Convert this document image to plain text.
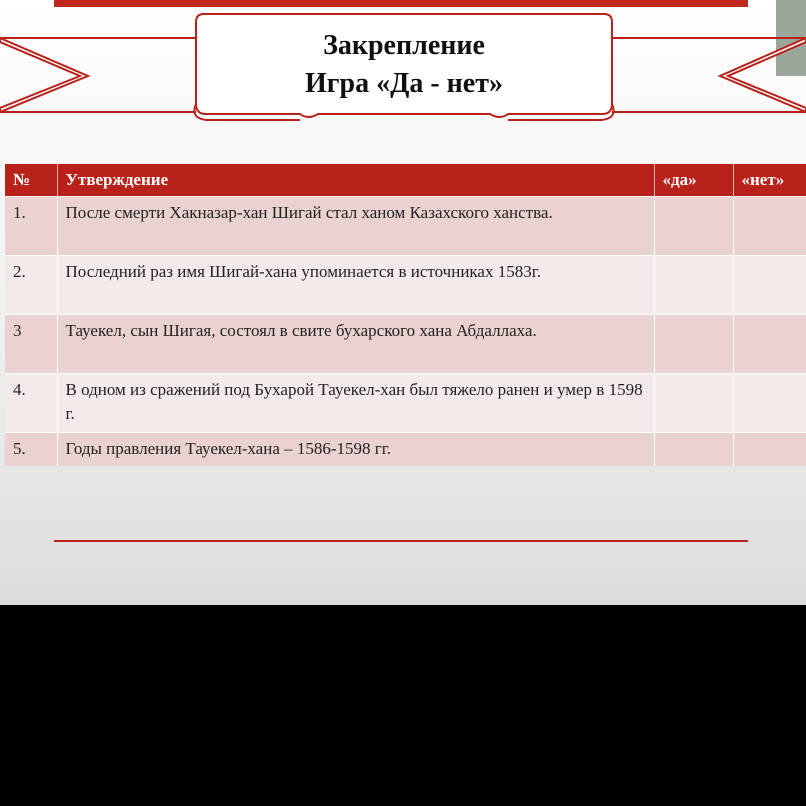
Закрепление
Игра «Да - нет»
№	Утверждение	«да»	«нет»
1.	После смерти Хакназар-хан Шигай стал ханом Казахского ханства.		
2.	Последний раз имя Шигай-хана упоминается в источниках 1583г.		
3	Тауекел, сын Шигая, состоял в свите бухарского хана Абдаллаха.		
4.	В одном из сражений под Бухарой Тауекел-хан был тяжело ранен и умер в 1598 г.		
5.	Годы правления Тауекел-хана – 1586-1598 гг.		
